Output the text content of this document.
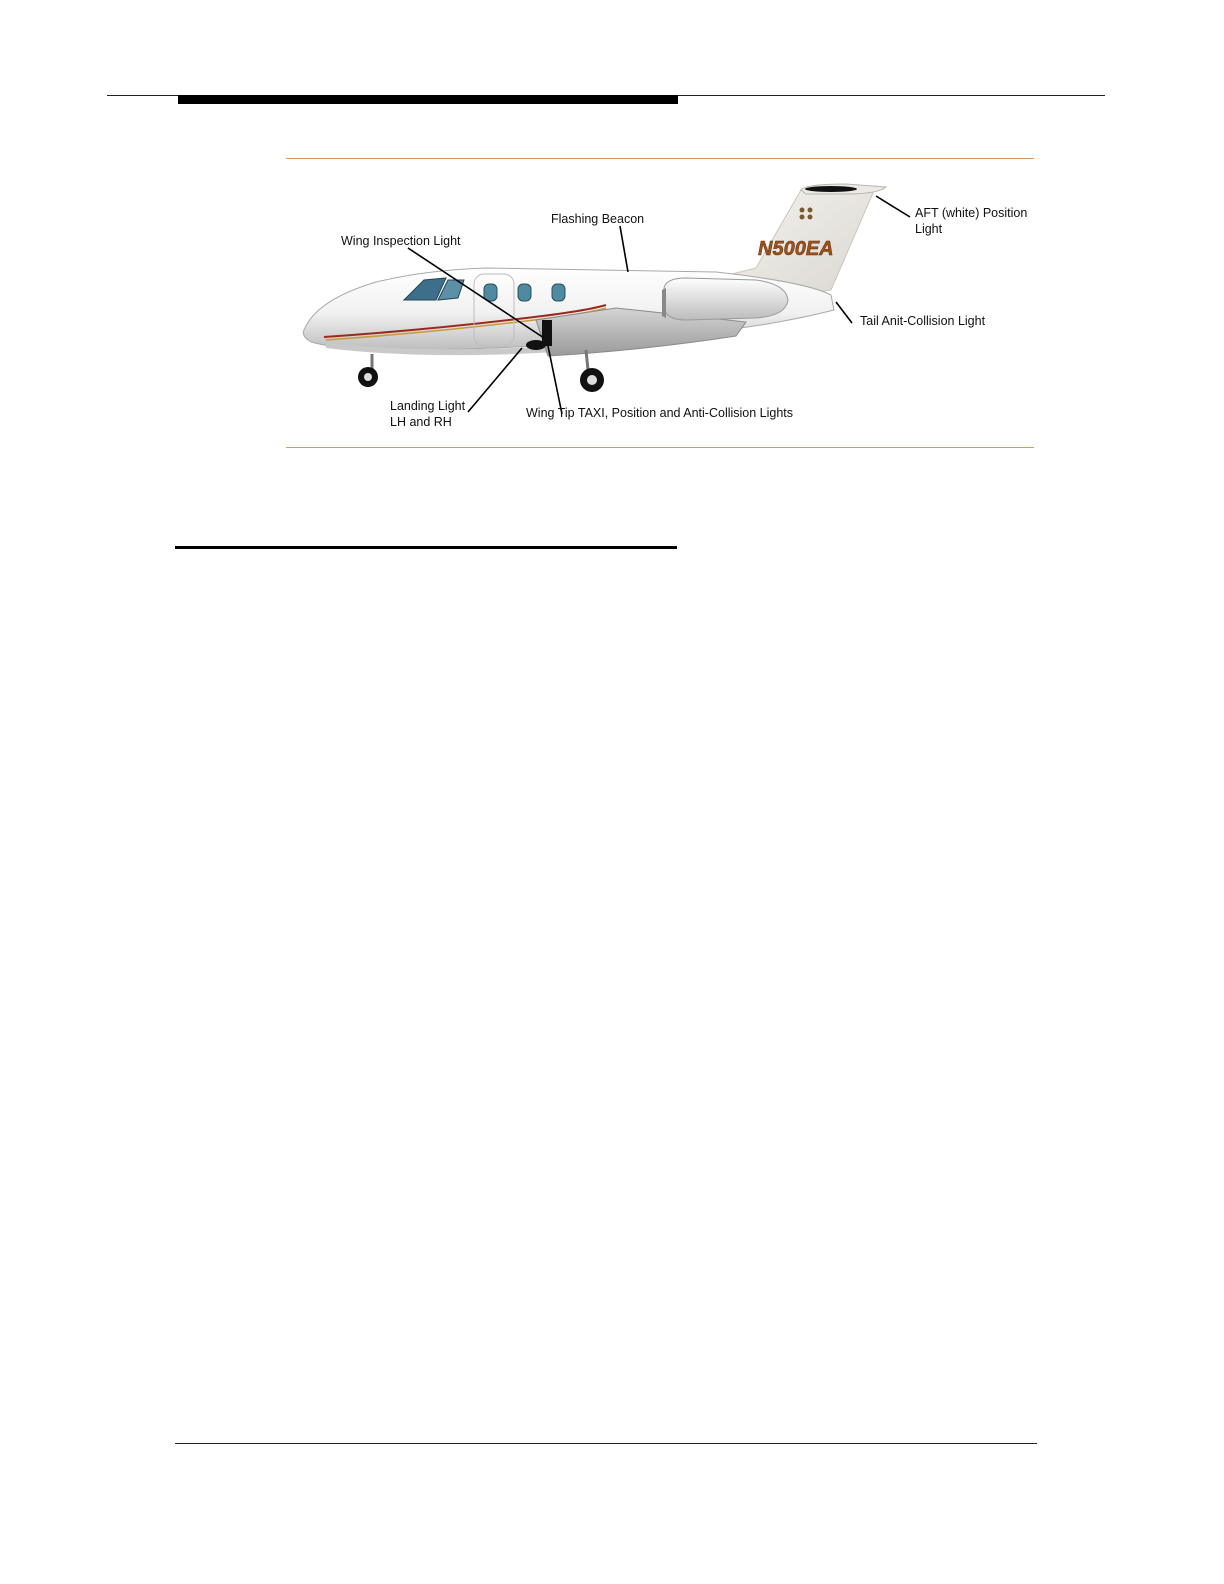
N500EA
Flashing Beacon
Wing Inspection Light
AFT (white) Position
Light
Tail Anit-Collision Light
Landing Light
LH and RH
Wing Tip TAXI, Position and Anti-Collision Lights
